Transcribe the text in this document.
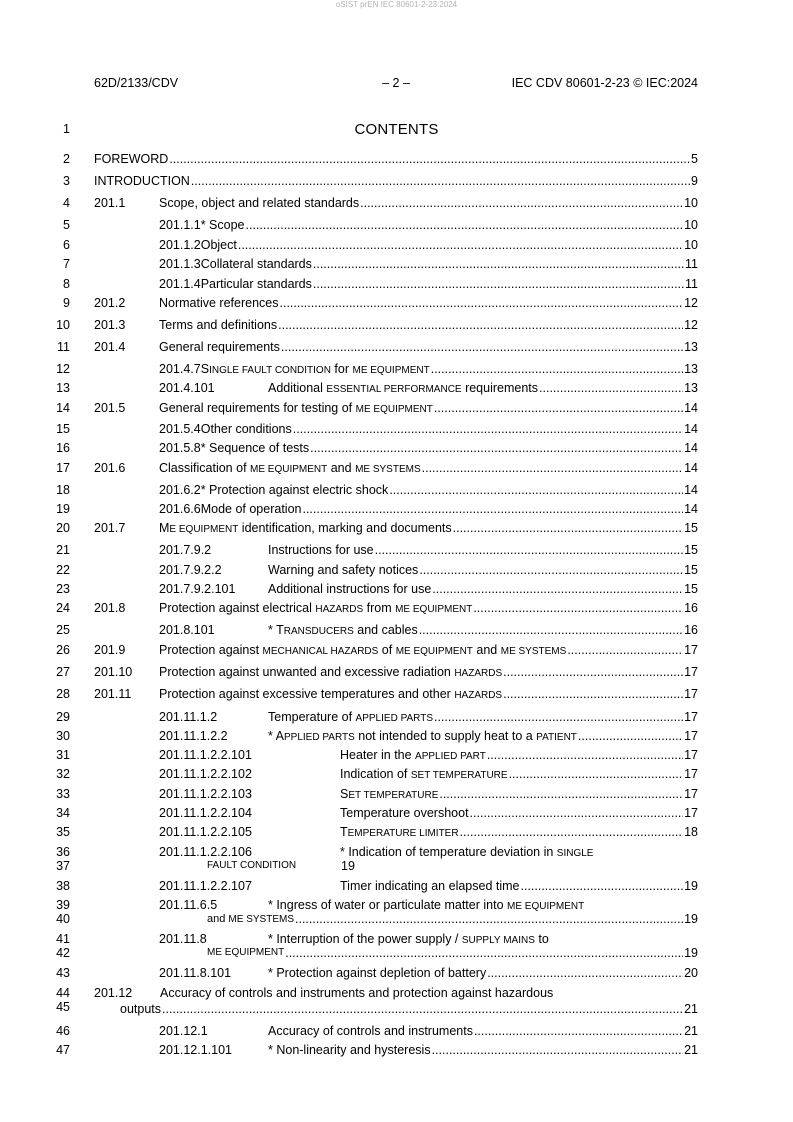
oSIST prEN IEC 80601-2-23:2024
62D/2133/CDV	– 2 –	IEC CDV 80601-2-23 © IEC:2024
CONTENTS
1
2
3
4
5
6
7
8
9
10
11
12
13
14
15
16
17
18
19
20
21
22
23
24
25
26
27
28
29
30
31
32
33
34
35
36
37
38
39
40
41
42
43
44
45
46
47
FOREWORD .....	5
INTRODUCTION .....	9
201.1	Scope, object and related standards .....	10
201.1.1 * Scope .....	10
201.1.2 Object .....	10
201.1.3 Collateral standards .....	11
201.1.4 Particular standards .....	11
201.2	Normative references .....	12
201.3	Terms and definitions .....	12
201.4	General requirements .....	13
201.4.7 SINGLE FAULT CONDITION for ME EQUIPMENT .....	13
201.4.101	Additional ESSENTIAL PERFORMANCE requirements .....	13
201.5	General requirements for testing of ME EQUIPMENT .....	14
201.5.4 Other conditions .....	14
201.5.8 * Sequence of tests .....	14
201.6	Classification of ME EQUIPMENT and ME SYSTEMS .....	14
201.6.2 * Protection against electric shock .....	14
201.6.6 Mode of operation .....	14
201.7	ME EQUIPMENT identification, marking and documents .....	15
201.7.9.2	Instructions for use .....	15
201.7.9.2.2	Warning and safety notices .....	15
201.7.9.2.101	Additional instructions for use .....	15
201.8	Protection against electrical HAZARDS from ME EQUIPMENT .....	16
201.8.101	* TRANSDUCERS and cables .....	16
201.9	Protection against MECHANICAL HAZARDS of ME EQUIPMENT and ME SYSTEMS .....	17
201.10	Protection against unwanted and excessive radiation HAZARDS .....	17
201.11	Protection against excessive temperatures and other HAZARDS .....	17
201.11.1.2	Temperature of APPLIED PARTS .....	17
201.11.1.2.2	* APPLIED PARTS not intended to supply heat to a PATIENT .....	17
201.11.1.2.2.101	Heater in the APPLIED PART .....	17
201.11.1.2.2.102	Indication of SET TEMPERATURE .....	17
201.11.1.2.2.103	SET TEMPERATURE .....	17
201.11.1.2.2.104	Temperature overshoot .....	17
201.11.1.2.2.105	TEMPERATURE LIMITER .....	18
201.11.1.2.2.106	* Indication of temperature deviation in SINGLE
FAULT CONDITION	19
201.11.1.2.2.107	Timer indicating an elapsed time .....	19
201.11.6.5	* Ingress of water or particulate matter into ME EQUIPMENT
and ME SYSTEMS .....	19
201.11.8	* Interruption of the power supply / SUPPLY MAINS to
ME EQUIPMENT .....	19
201.11.8.101	* Protection against depletion of battery .....	20
201.12	Accuracy of controls and instruments and protection against hazardous
outputs .....	21
201.12.1	Accuracy of controls and instruments .....	21
201.12.1.101	* Non-linearity and hysteresis .....	21
